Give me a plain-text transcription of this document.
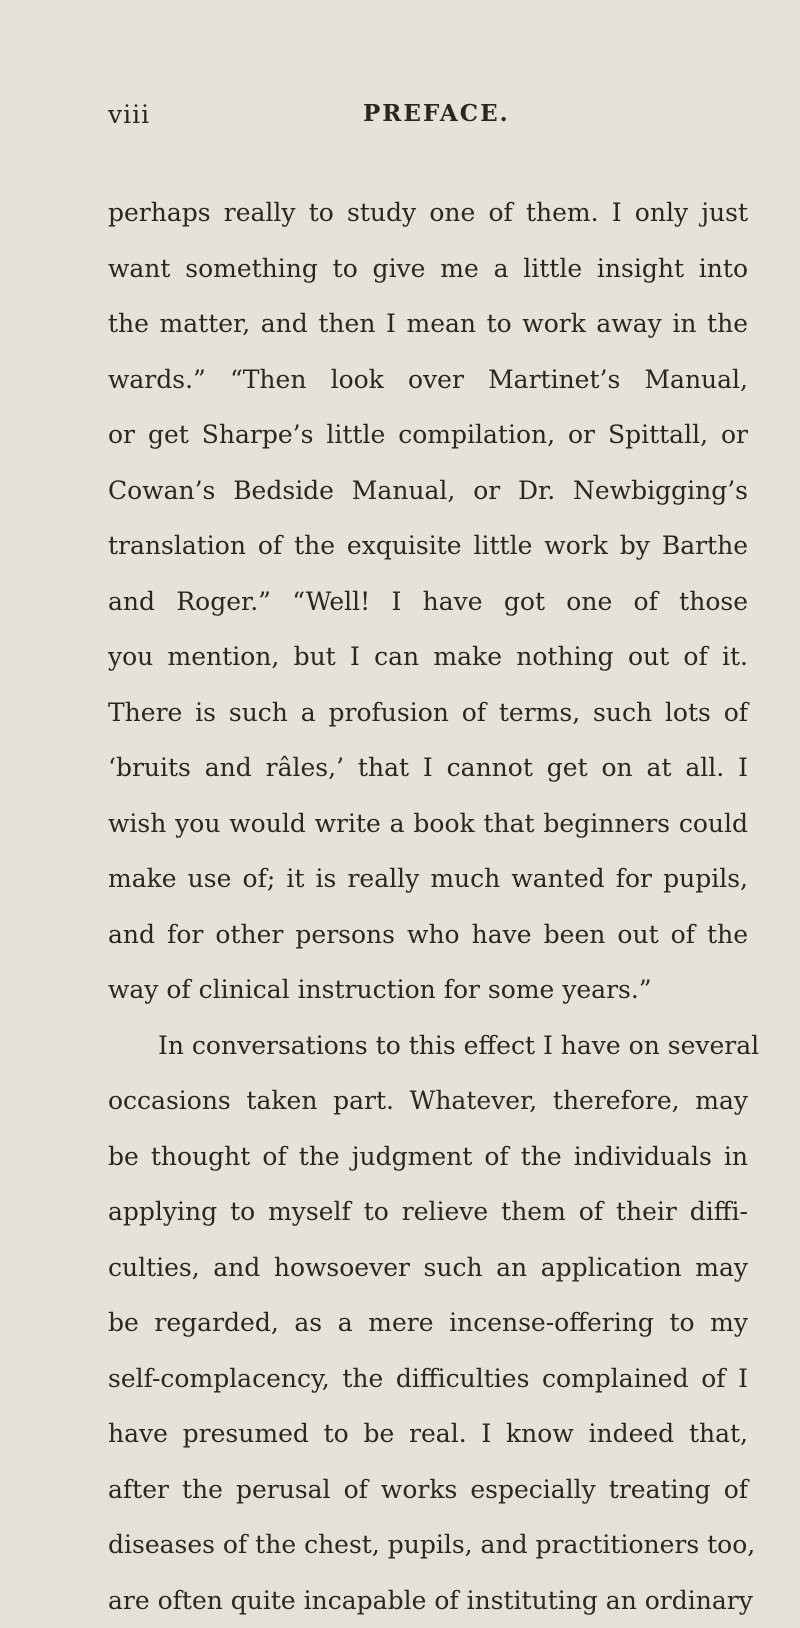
viii	PREFACE.
perhaps really to study one of them. I only just
want something to give me a little insight into
the matter, and then I mean to work away in the
wards.” “Then look over Martinet’s Manual,
or get Sharpe’s little compilation, or Spittall, or
Cowan’s Bedside Manual, or Dr. Newbigging’s
translation of the exquisite little work by Barthe
and Roger.” “Well! I have got one of those
you mention, but I can make nothing out of it.
There is such a profusion of terms, such lots of
‘bruits and râles,’ that I cannot get on at all. I
wish you would write a book that beginners could
make use of; it is really much wanted for pupils,
and for other persons who have been out of the
way of clinical instruction for some years.”
In conversations to this effect I have on several
occasions taken part. Whatever, therefore, may
be thought of the judgment of the individuals in
applying to myself to relieve them of their diffi-
culties, and howsoever such an application may
be regarded, as a mere incense-offering to my
self-complacency, the difficulties complained of I
have presumed to be real. I know indeed that,
after the perusal of works especially treating of
diseases of the chest, pupils, and practitioners too,
are often quite incapable of instituting an ordinary
